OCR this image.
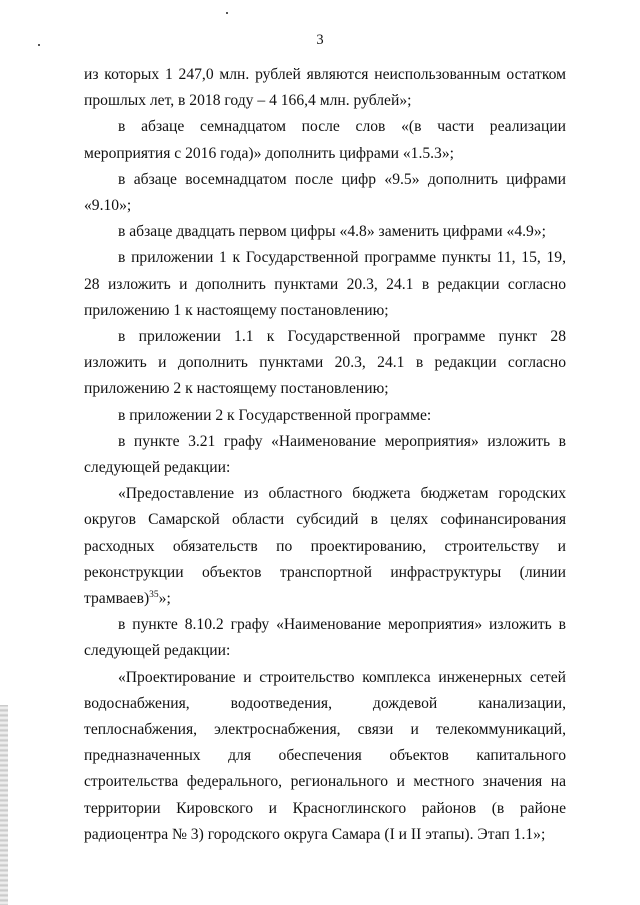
3

из которых 1 247,0 млн. рублей являются неиспользованным остатком прошлых лет, в 2018 году – 4 166,4 млн. рублей»;

в абзаце семнадцатом после слов «(в части реализации мероприятия с 2016 года)» дополнить цифрами «1.5.3»;

в абзаце восемнадцатом после цифр «9.5» дополнить цифрами «9.10»;

в абзаце двадцать первом цифры «4.8» заменить цифрами «4.9»;

в приложении 1 к Государственной программе пункты 11, 15, 19, 28 изложить и дополнить пунктами 20.3, 24.1 в редакции согласно приложению 1 к настоящему постановлению;

в приложении 1.1 к Государственной программе пункт 28 изложить и дополнить пунктами 20.3, 24.1 в редакции согласно приложению 2 к настоящему постановлению;

в приложении 2 к Государственной программе:

в пункте 3.21 графу «Наименование мероприятия» изложить в следующей редакции:

«Предоставление из областного бюджета бюджетам городских округов Самарской области субсидий в целях софинансирования расходных обязательств по проектированию, строительству и реконструкции объектов транспортной инфраструктуры (линии трамваев)$^{35}$»;

в пункте 8.10.2 графу «Наименование мероприятия» изложить в следующей редакции:

«Проектирование и строительство комплекса инженерных сетей водоснабжения, водоотведения, дождевой канализации, теплоснабжения, электроснабжения, связи и телекоммуникаций, предназначенных для обеспечения объектов капитального строительства федерального, регионального и местного значения на территории Кировского и Красноглинского районов (в районе радиоцентра № 3) городского округа Самара (I и II этапы). Этап 1.1»;
